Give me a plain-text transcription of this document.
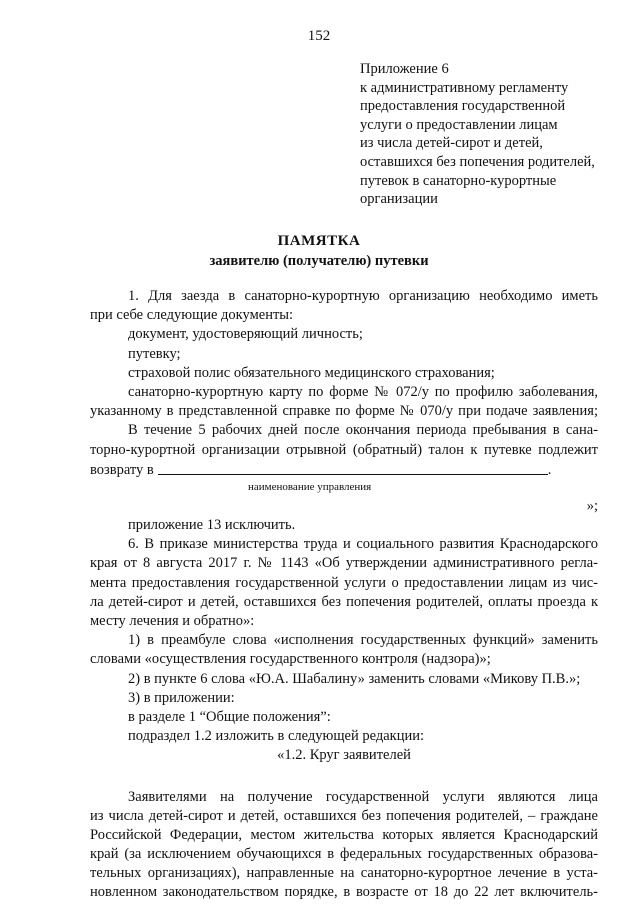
152
Приложение 6
к административному регламенту
предоставления государственной
услуги о предоставлении лицам
из числа детей-сирот и детей,
оставшихся без попечения родителей,
путевок в санаторно-курортные
организации
ПАМЯТКА
заявителю (получателю) путевки
1. Для заезда в санаторно-курортную организацию необходимо иметь
при себе следующие документы:
документ, удостоверяющий личность;
путевку;
страховой полис обязательного медицинского страхования;
санаторно-курортную карту по форме № 072/у по профилю заболевания,
указанному в представленной справке по форме № 070/у при подаче заявления;
В течение 5 рабочих дней после окончания периода пребывания в сана-
торно-курортной организации отрывной (обратный) талон к путевке подлежит
возврату в	.
наименование управления
»;
приложение 13 исключить.
6. В приказе министерства труда и социального развития Краснодарского
края от 8 августа 2017 г. № 1143 «Об утверждении административного регла-
мента предоставления государственной услуги о предоставлении лицам из чис-
ла детей-сирот и детей, оставшихся без попечения родителей, оплаты проезда к
месту лечения и обратно»:
1) в преамбуле слова «исполнения государственных функций» заменить
словами «осуществления государственного контроля (надзора)»;
2) в пункте 6 слова «Ю.А. Шабалину» заменить словами «Микову П.В.»;
3) в приложении:
в разделе 1 “Общие положения”:
подраздел 1.2 изложить в следующей редакции:
«1.2. Круг заявителей
Заявителями на получение государственной услуги являются лица
из числа детей-сирот и детей, оставшихся без попечения родителей, – граждане
Российской Федерации, местом жительства которых является Краснодарский
край (за исключением обучающихся в федеральных государственных образова-
тельных организациях), направленные на санаторно-курортное лечение в уста-
новленном законодательством порядке, в возрасте от 18 до 22 лет включитель-
